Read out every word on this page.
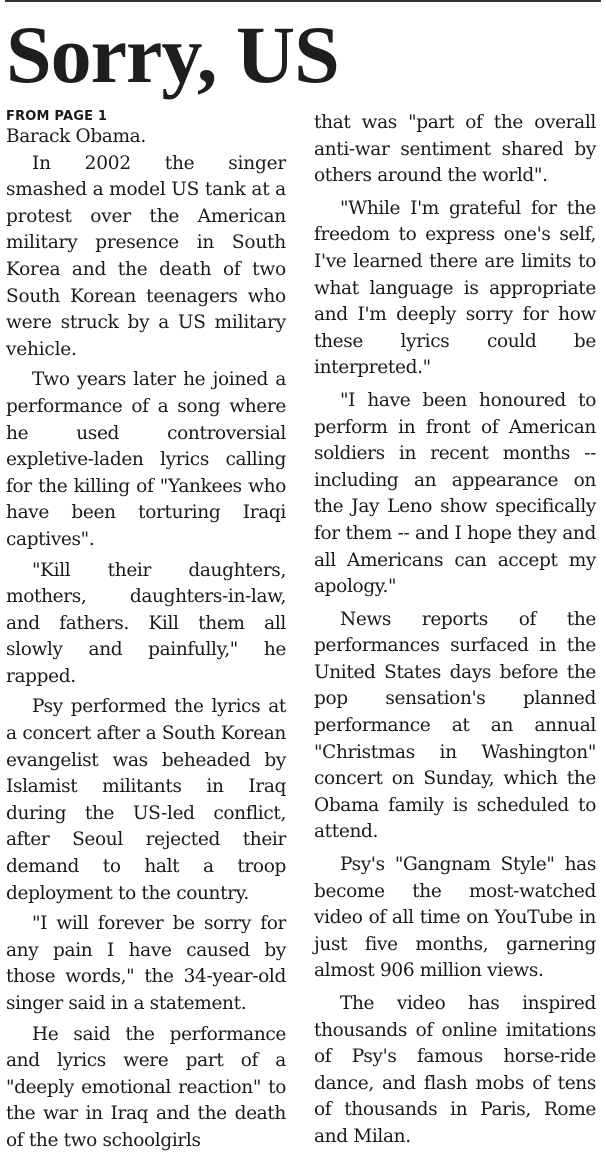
Sorry, US
FROM PAGE 1

Barack Obama.

In 2002 the singer smashed a model US tank at a protest over the American military presence in South Korea and the death of two South Korean teenagers who were struck by a US military vehicle.

Two years later he joined a performance of a song where he used controversial expletive-laden lyrics calling for the killing of "Yankees who have been torturing Iraqi captives".

"Kill their daughters, mothers, daughters-in-law, and fathers. Kill them all slowly and painfully," he rapped.

Psy performed the lyrics at a concert after a South Korean evangelist was beheaded by Islamist militants in Iraq during the US-led conflict, after Seoul rejected their demand to halt a troop deployment to the country.

"I will forever be sorry for any pain I have caused by those words," the 34-year-old singer said in a statement.

He said the performance and lyrics were part of a "deeply emotional reaction" to the war in Iraq and the death of the two schoolgirls

that was "part of the overall anti-war sentiment shared by others around the world".

"While I'm grateful for the freedom to express one's self, I've learned there are limits to what language is appropriate and I'm deeply sorry for how these lyrics could be interpreted."

"I have been honoured to perform in front of American soldiers in recent months -- including an appearance on the Jay Leno show specifically for them -- and I hope they and all Americans can accept my apology."

News reports of the performances surfaced in the United States days before the pop sensation's planned performance at an annual "Christmas in Washington" concert on Sunday, which the Obama family is scheduled to attend.

Psy's "Gangnam Style" has become the most-watched video of all time on YouTube in just five months, garnering almost 906 million views.

The video has inspired thousands of online imitations of Psy's famous horse-ride dance, and flash mobs of tens of thousands in Paris, Rome and Milan.
